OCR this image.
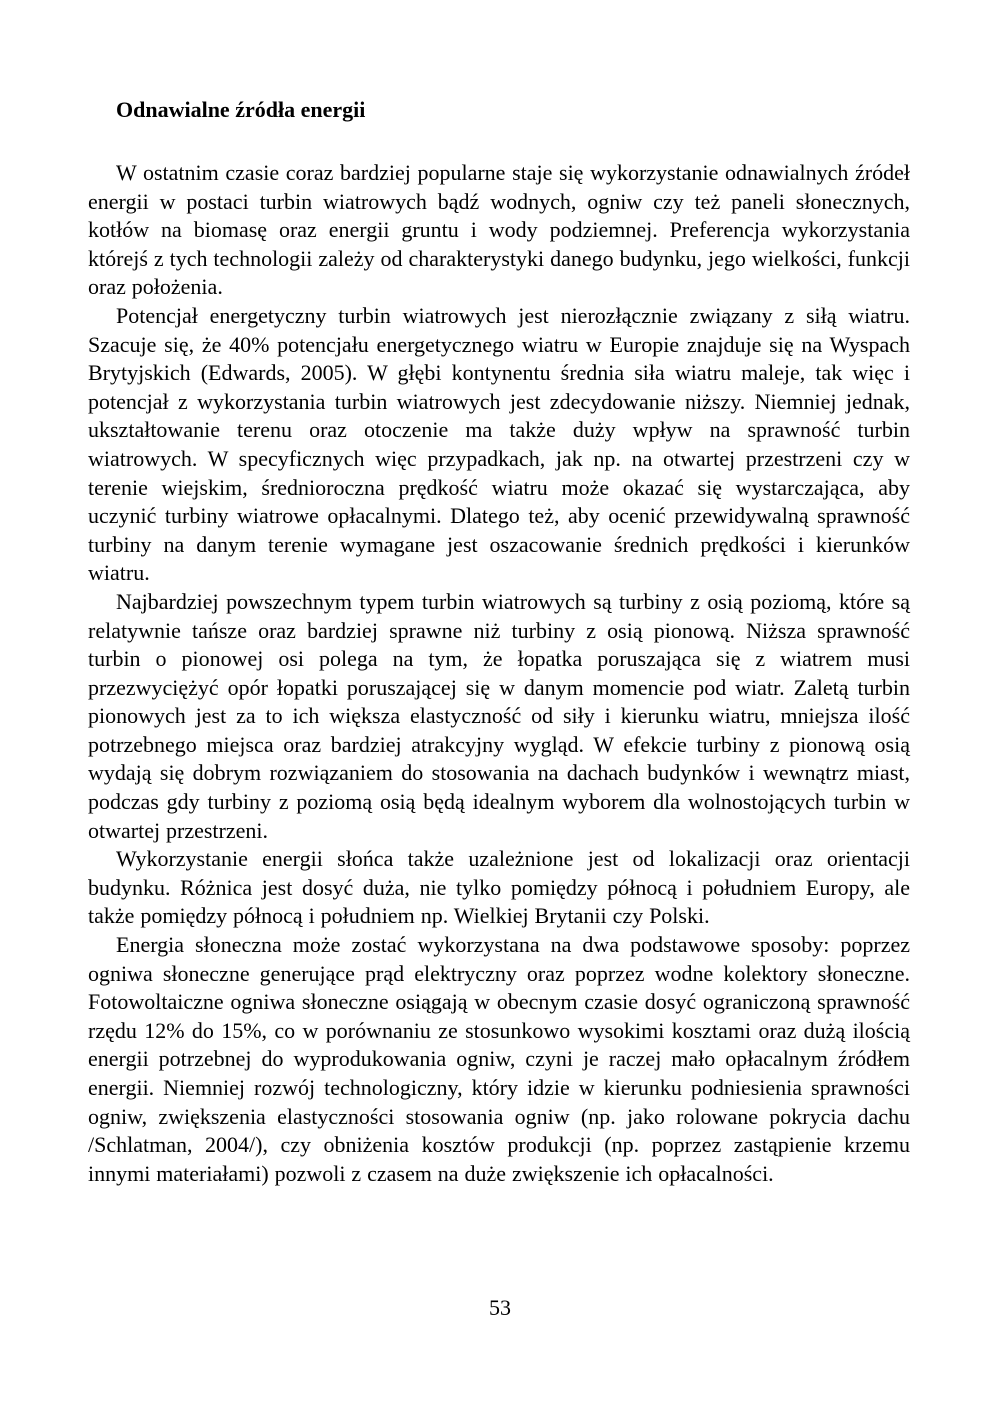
Odnawialne źródła energii

W ostatnim czasie coraz bardziej popularne staje się wykorzystanie odnawialnych źródeł energii w postaci turbin wiatrowych bądź wodnych, ogniw czy też paneli słonecznych, kotłów na biomasę oraz energii gruntu i wody podziemnej. Preferencja wykorzystania którejś z tych technologii zależy od charakterystyki danego budynku, jego wielkości, funkcji oraz położenia.

Potencjał energetyczny turbin wiatrowych jest nierozłącznie związany z siłą wiatru. Szacuje się, że 40% potencjału energetycznego wiatru w Europie znajduje się na Wyspach Brytyjskich (Edwards, 2005). W głębi kontynentu średnia siła wiatru maleje, tak więc i potencjał z wykorzystania turbin wiatrowych jest zdecydowanie niższy. Niemniej jednak, ukształtowanie terenu oraz otoczenie ma także duży wpływ na sprawność turbin wiatrowych. W specyficznych więc przypadkach, jak np. na otwartej przestrzeni czy w terenie wiejskim, średnioroczna prędkość wiatru może okazać się wystarczająca, aby uczynić turbiny wiatrowe opłacalnymi. Dlatego też, aby ocenić przewidywalną sprawność turbiny na danym terenie wymagane jest oszacowanie średnich prędkości i kierunków wiatru.

Najbardziej powszechnym typem turbin wiatrowych są turbiny z osią poziomą, które są relatywnie tańsze oraz bardziej sprawne niż turbiny z osią pionową. Niższa sprawność turbin o pionowej osi polega na tym, że łopatka poruszająca się z wiatrem musi przezwyciężyć opór łopatki poruszającej się w danym momencie pod wiatr. Zaletą turbin pionowych jest za to ich większa elastyczność od siły i kierunku wiatru, mniejsza ilość potrzebnego miejsca oraz bardziej atrakcyjny wygląd. W efekcie turbiny z pionową osią wydają się dobrym rozwiązaniem do stosowania na dachach budynków i wewnątrz miast, podczas gdy turbiny z poziomą osią będą idealnym wyborem dla wolnostojących turbin w otwartej przestrzeni.

Wykorzystanie energii słońca także uzależnione jest od lokalizacji oraz orientacji budynku. Różnica jest dosyć duża, nie tylko pomiędzy północą i południem Europy, ale także pomiędzy północą i południem np. Wielkiej Brytanii czy Polski.

Energia słoneczna może zostać wykorzystana na dwa podstawowe sposoby: poprzez ogniwa słoneczne generujące prąd elektryczny oraz poprzez wodne kolektory słoneczne. Fotowoltaiczne ogniwa słoneczne osiągają w obecnym czasie dosyć ograniczoną sprawność rzędu 12% do 15%, co w porównaniu ze stosunkowo wysokimi kosztami oraz dużą ilością energii potrzebnej do wyprodukowania ogniw, czyni je raczej mało opłacalnym źródłem energii. Niemniej rozwój technologiczny, który idzie w kierunku podniesienia sprawności ogniw, zwiększenia elastyczności stosowania ogniw (np. jako rolowane pokrycia dachu /Schlatman, 2004/), czy obniżenia kosztów produkcji (np. poprzez zastąpienie krzemu innymi materiałami) pozwoli z czasem na duże zwiększenie ich opłacalności.

53
